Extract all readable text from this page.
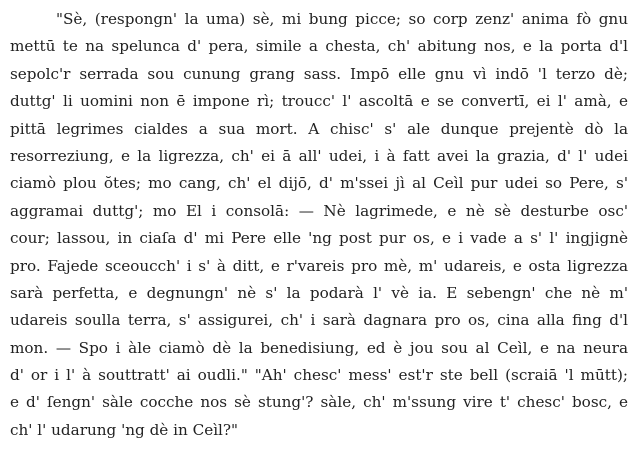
"Sè, (respongn' la uma) sè, mi bung picce; so corp zenz' anima fò gnu
mettū te na spelunca d' pera, simile a chesta, ch' abitung nos, e la porta d'l
sepolc'r serrada sou cunung grang sass. Impō elle gnu vì indō 'l terzo dè;
duttg' li uomini non ē impone rì; troucc' l' ascoltā e se convertī, ei l' amà, e
pittā legrimes cialdes a sua mort. A chisc' s' ale dunque prejentè dò la
resorreziung, e la ligrezza, ch' ei ā all' udei, i à fatt avei la grazia, d' l' udei
ciamò plou ŏtes; mo cang, ch' el dijō, d' m'ssei jì al Ceìl pur udei so Pere, s'
aggramai duttg'; mo El i consolā: — Nè lagrimede, e nè sè desturbe osc'
cour; lassou, in ciaſa d' mi Pere elle 'ng post pur os, e i vade a s' l' ingjignè
pro. Fajede sceoucch' i s' à ditt, e r'vareis pro mè, m' udareis, e osta ligrezza
sarà perfetta, e degnungn' nè s' la podarà l' vè ia. E sebengn' che nè m'
udareis soulla terra, s' assigurei, ch' i sarà dagnara pro os, cina alla fing d'l
mon. — Spo i àle ciamò dè la benedisiung, ed è jou sou al Ceìl, e na neura
d' or i l' à souttratt' ai oudli." "Ah' chesc' mess' est'r ste bell (scraiā 'l mūtt);
e d' ſengn' sàle cocche nos sè stung'? sàle, ch' m'ssung vire t' chesc' bosc, e
ch' l' udarung 'ng dè in Ceìl?"
